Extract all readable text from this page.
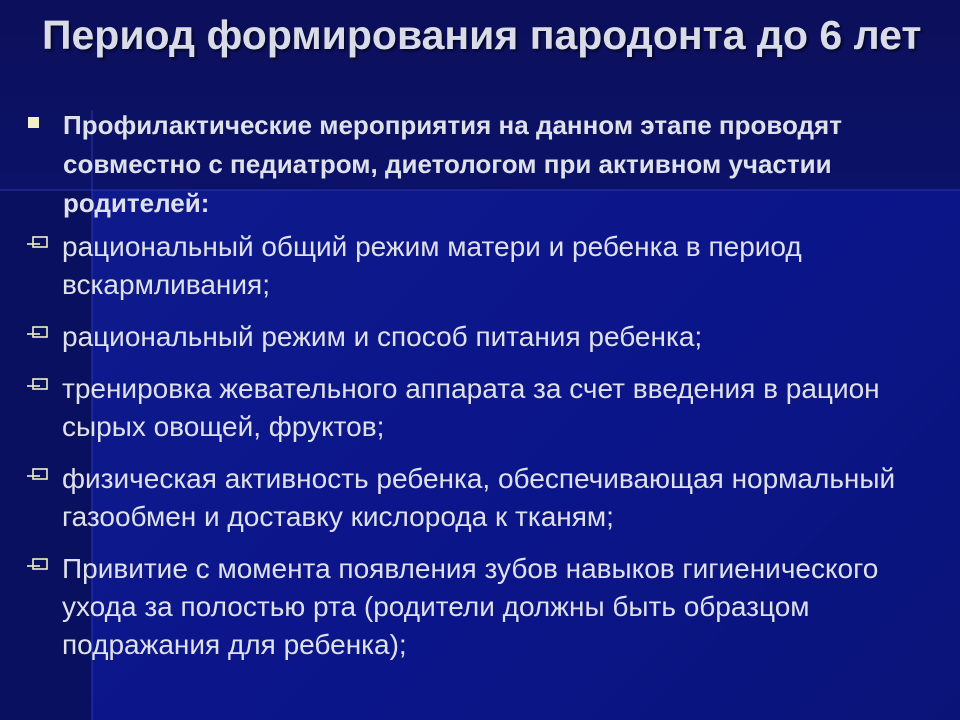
Период формирования пародонта до 6 лет
Профилактические мероприятия на данном этапе проводят совместно с педиатром, диетологом при активном участии родителей:
рациональный общий режим матери и ребенка в период вскармливания;
рациональный режим и способ питания ребенка;
тренировка жевательного аппарата за счет введения в рацион сырых овощей, фруктов;
физическая активность ребенка, обеспечивающая нормальный газообмен и доставку кислорода к тканям;
Привитие с момента появления зубов навыков гигиенического ухода за полостью рта (родители должны быть образцом подражания для ребенка);
